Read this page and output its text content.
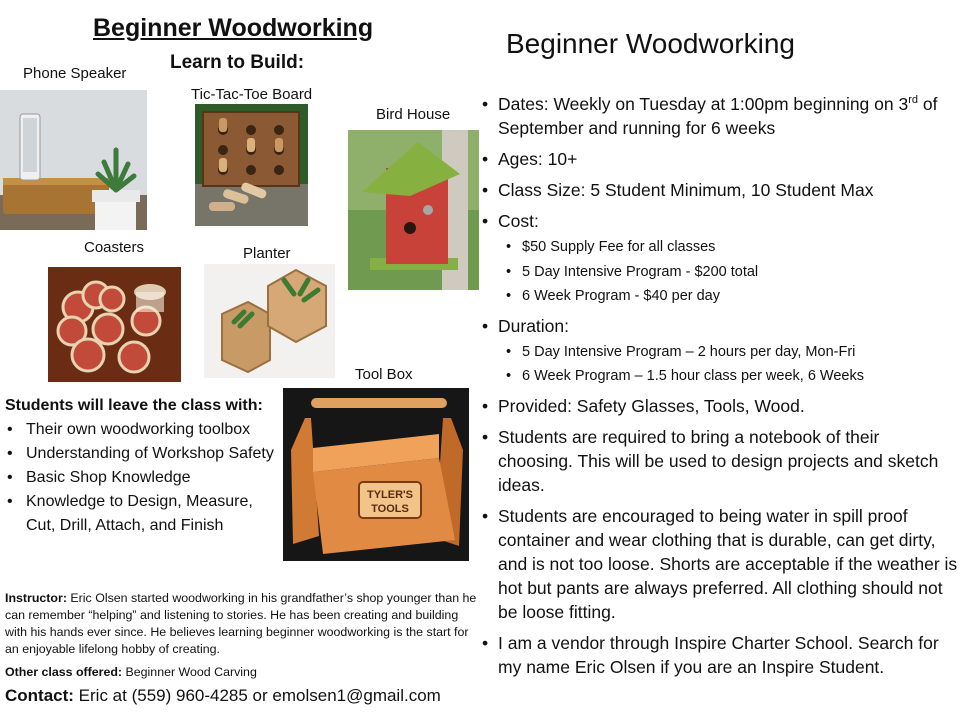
Beginner Woodworking
Learn to Build:
Phone Speaker
Tic-Tac-Toe Board
Bird House
Coasters	Planter
Tool Box
TYLER'S
TOOLS
Students will leave the class with:
• Their own woodworking toolbox
• Understanding of Workshop Safety
• Basic Shop Knowledge
• Knowledge to Design, Measure, Cut, Drill, Attach, and Finish
Instructor: Eric Olsen started woodworking in his grandfather’s shop younger than he can remember “helping” and listening to stories. He has been creating and building with his hands ever since. He believes learning beginner woodworking is the start for an enjoyable lifelong hobby of creating.
Other class offered: Beginner Wood Carving
Contact: Eric at (559) 960-4285 or emolsen1@gmail.com
Beginner Woodworking
• Dates: Weekly on Tuesday at 1:00pm beginning on 3rd of September and running for 6 weeks
• Ages: 10+
• Class Size: 5 Student Minimum, 10 Student Max
• Cost:
• $50 Supply Fee for all classes
• 5 Day Intensive Program - $200 total
• 6 Week Program - $40 per day
• Duration:
• 5 Day Intensive Program – 2 hours per day, Mon-Fri
• 6 Week Program – 1.5 hour class per week, 6 Weeks
• Provided: Safety Glasses, Tools, Wood.
• Students are required to bring a notebook of their choosing. This will be used to design projects and sketch ideas.
• Students are encouraged to being water in spill proof container and wear clothing that is durable, can get dirty, and is not too loose. Shorts are acceptable if the weather is hot but pants are always preferred. All clothing should not be loose fitting.
• I am a vendor through Inspire Charter School. Search for my name Eric Olsen if you are an Inspire Student.
